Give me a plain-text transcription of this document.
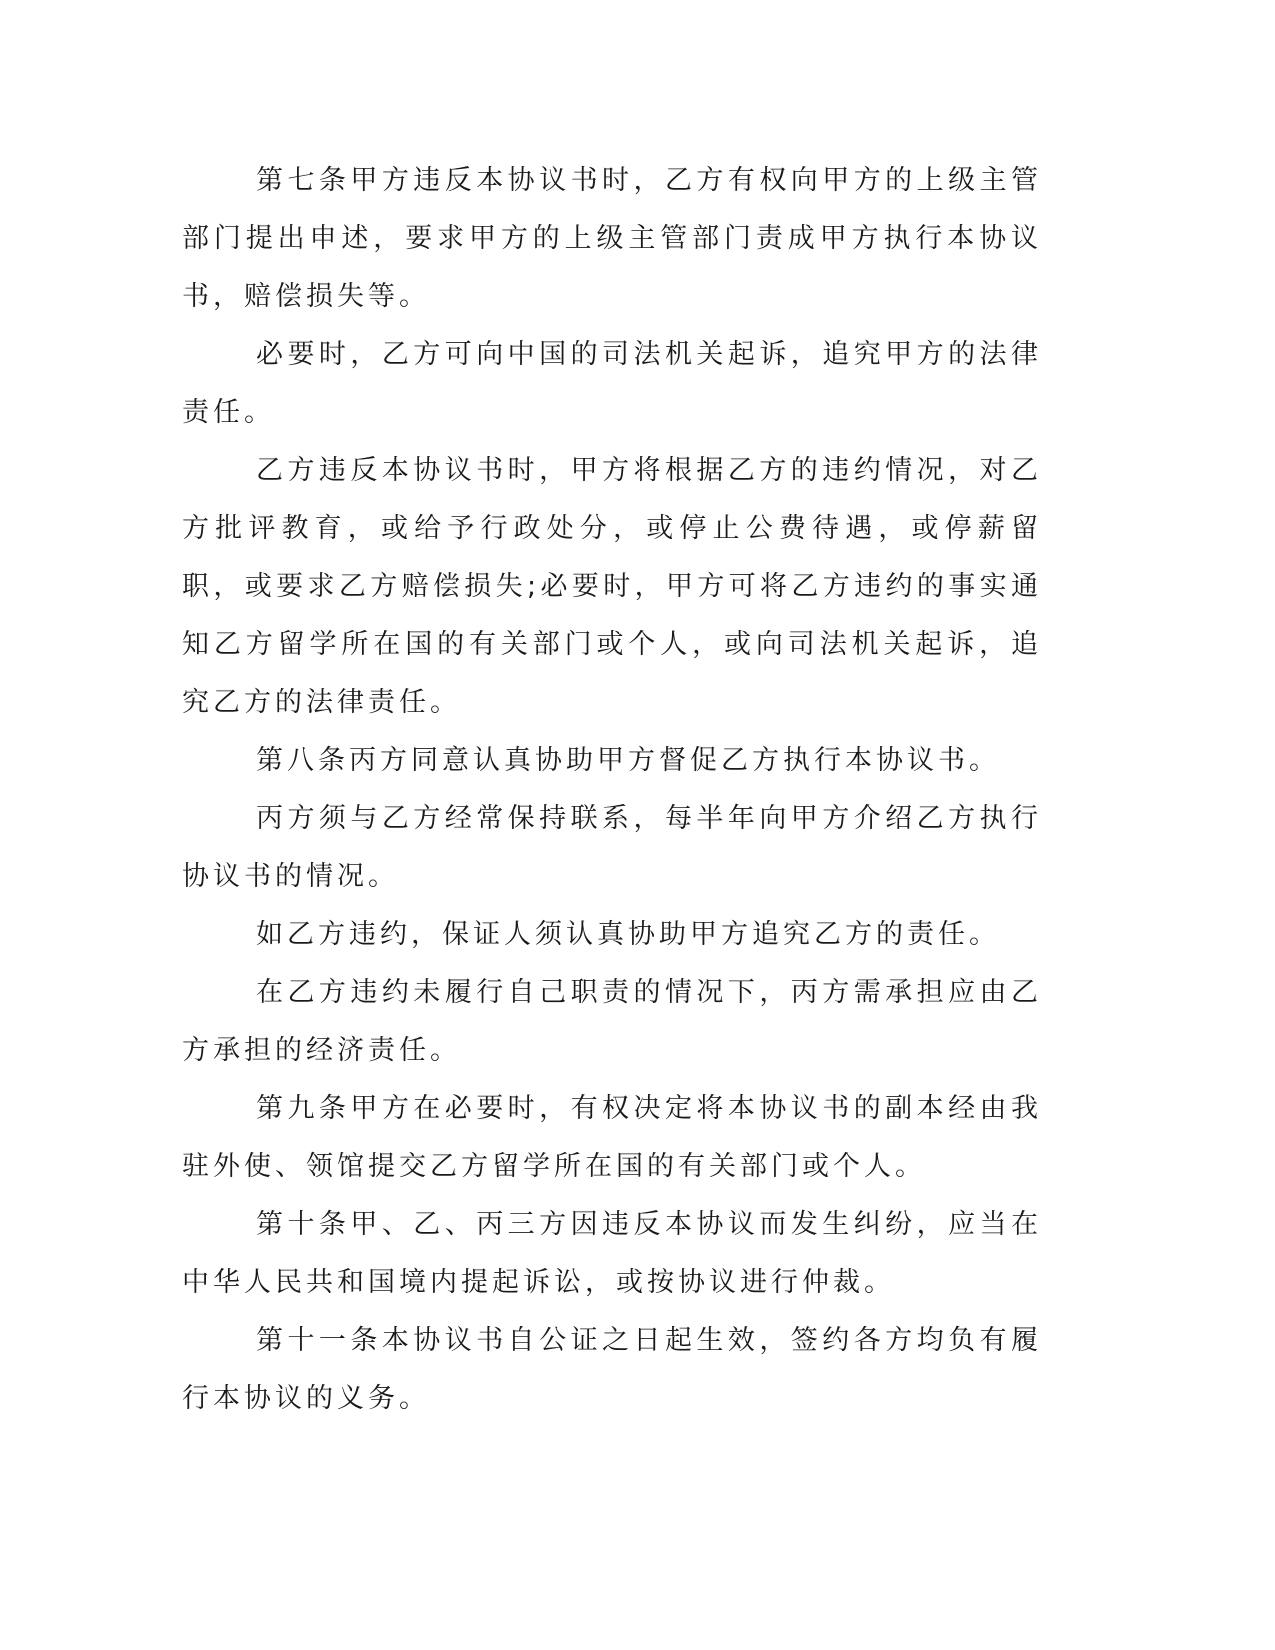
第七条甲方违反本协议书时，乙方有权向甲方的上级主管部门提出申述，要求甲方的上级主管部门责成甲方执行本协议书，赔偿损失等。

必要时，乙方可向中国的司法机关起诉，追究甲方的法律责任。

乙方违反本协议书时，甲方将根据乙方的违约情况，对乙方批评教育，或给予行政处分，或停止公费待遇，或停薪留职，或要求乙方赔偿损失;必要时，甲方可将乙方违约的事实通知乙方留学所在国的有关部门或个人，或向司法机关起诉，追究乙方的法律责任。

第八条丙方同意认真协助甲方督促乙方执行本协议书。

丙方须与乙方经常保持联系，每半年向甲方介绍乙方执行协议书的情况。

如乙方违约，保证人须认真协助甲方追究乙方的责任。

在乙方违约未履行自己职责的情况下，丙方需承担应由乙方承担的经济责任。

第九条甲方在必要时，有权决定将本协议书的副本经由我驻外使、领馆提交乙方留学所在国的有关部门或个人。

第十条甲、乙、丙三方因违反本协议而发生纠纷，应当在中华人民共和国境内提起诉讼，或按协议进行仲裁。

第十一条本协议书自公证之日起生效，签约各方均负有履行本协议的义务。
